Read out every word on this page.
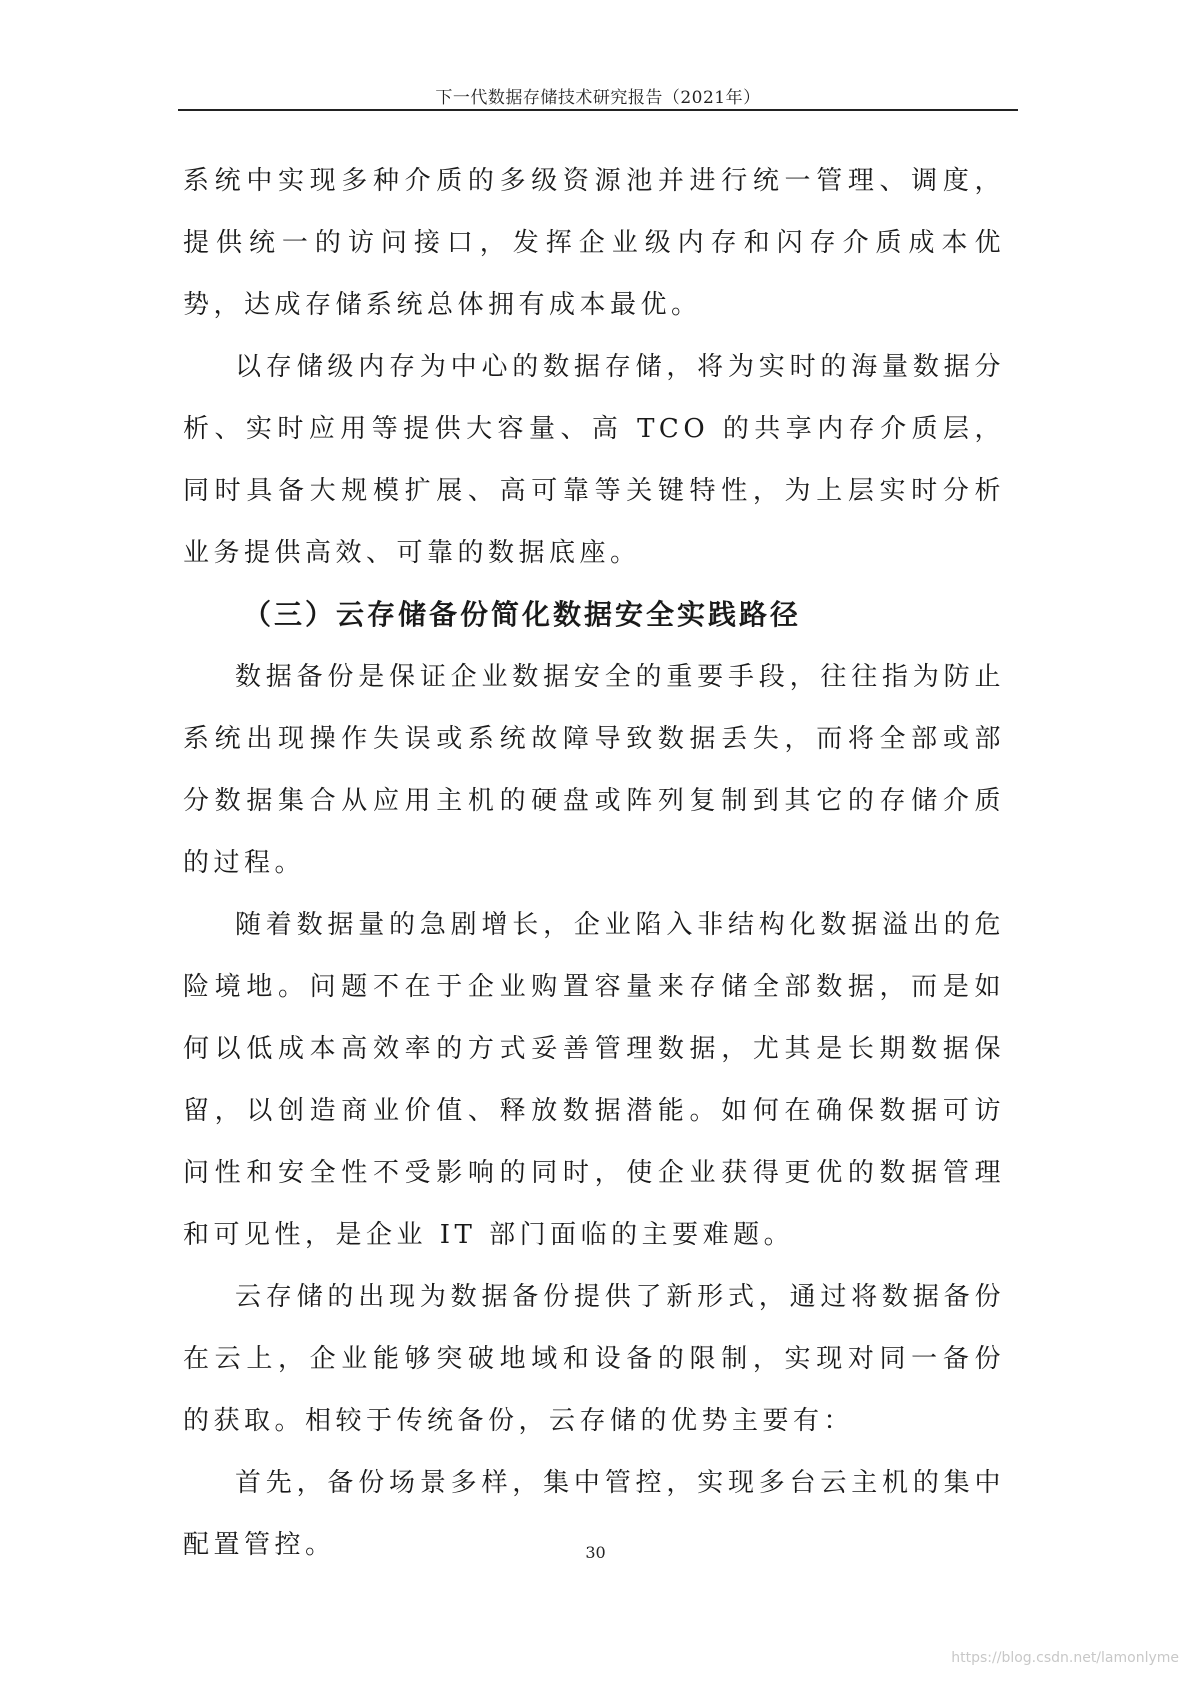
下一代数据存储技术研究报告（2021年）

系统中实现多种介质的多级资源池并进行统一管理、调度，提供统一的访问接口，发挥企业级内存和闪存介质成本优势，达成存储系统总体拥有成本最优。

以存储级内存为中心的数据存储，将为实时的海量数据分析、实时应用等提供大容量、高 TCO 的共享内存介质层，同时具备大规模扩展、高可靠等关键特性，为上层实时分析业务提供高效、可靠的数据底座。

（三）云存储备份简化数据安全实践路径

数据备份是保证企业数据安全的重要手段，往往指为防止系统出现操作失误或系统故障导致数据丢失，而将全部或部分数据集合从应用主机的硬盘或阵列复制到其它的存储介质的过程。

随着数据量的急剧增长，企业陷入非结构化数据溢出的危险境地。问题不在于企业购置容量来存储全部数据，而是如何以低成本高效率的方式妥善管理数据，尤其是长期数据保留，以创造商业价值、释放数据潜能。如何在确保数据可访问性和安全性不受影响的同时，使企业获得更优的数据管理和可见性，是企业 IT 部门面临的主要难题。

云存储的出现为数据备份提供了新形式，通过将数据备份在云上，企业能够突破地域和设备的限制，实现对同一备份的获取。相较于传统备份，云存储的优势主要有：

首先，备份场景多样，集中管控，实现多台云主机的集中配置管控。	30
https://blog.csdn.net/lamonlyme
